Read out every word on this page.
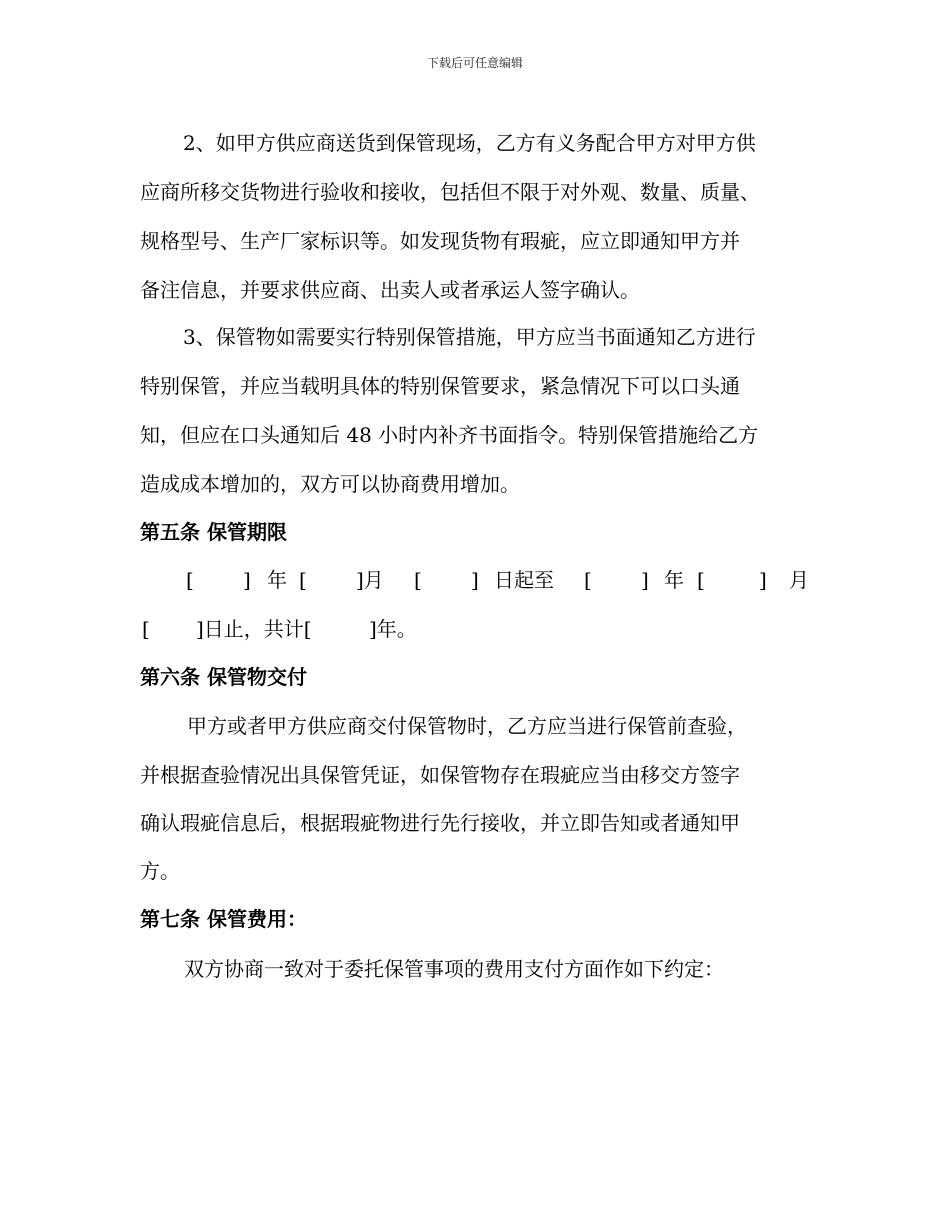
下载后可任意编辑
2、如甲方供应商送货到保管现场，乙方有义务配合甲方对甲方供
应商所移交货物进行验收和接收，包括但不限于对外观、数量、质量、
规格型号、生产厂家标识等。如发现货物有瑕疵，应立即通知甲方并
备注信息，并要求供应商、出卖人或者承运人签字确认。
3、保管物如需要实行特别保管措施，甲方应当书面通知乙方进行
特别保管，并应当载明具体的特别保管要求，紧急情况下可以口头通
知，但应在口头通知后 48 小时内补齐书面指令。特别保管措施给乙方
造成成本增加的，双方可以协商费用增加。
第五条 保管期限
[ ] 年 [ ]月 [ ] 日起至 [ ] 年 [	] 月
[ ]日止，共计[	]年。
第六条 保管物交付
甲方或者甲方供应商交付保管物时，乙方应当进行保管前查验，
并根据查验情况出具保管凭证，如保管物存在瑕疵应当由移交方签字
确认瑕疵信息后，根据瑕疵物进行先行接收，并立即告知或者通知甲
方。
第七条 保管费用：
双方协商一致对于委托保管事项的费用支付方面作如下约定：
